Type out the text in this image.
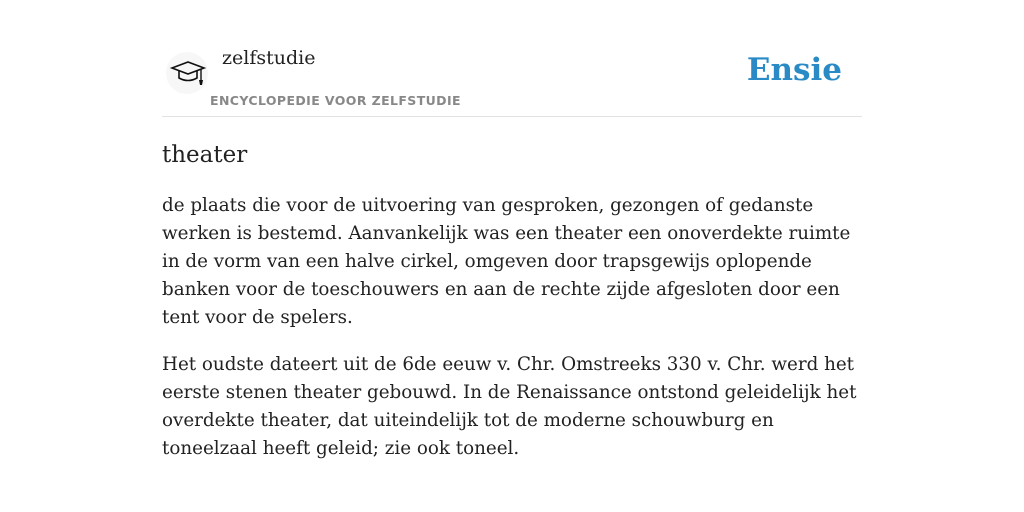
zelfstudie
ENCYCLOPEDIE VOOR ZELFSTUDIE
Ensie
theater

de plaats die voor de uitvoering van gesproken, gezongen of gedanste werken is bestemd. Aanvankelijk was een theater een onoverdekte ruimte in de vorm van een halve cirkel, omgeven door trapsgewijs oplopende banken voor de toeschouwers en aan de rechte zijde afgesloten door een tent voor de spelers.

Het oudste dateert uit de 6de eeuw v. Chr. Omstreeks 330 v. Chr. werd het eerste stenen theater gebouwd. In de Renaissance ontstond geleidelijk het overdekte theater, dat uiteindelijk tot de moderne schouwburg en toneelzaal heeft geleid; zie ook toneel.
